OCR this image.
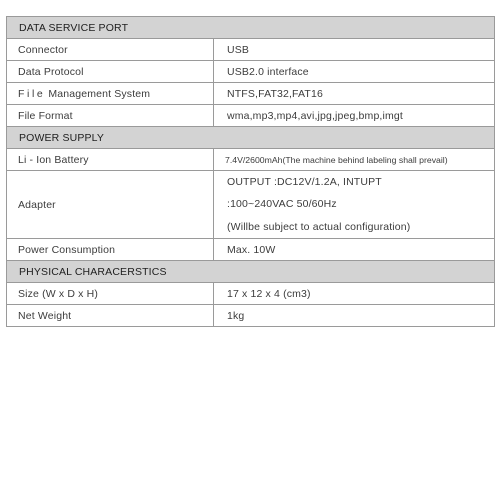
DATA SERVICE PORT	
Connector	USB
Data Protocol	USB2.0 interface
File Management System	NTFS,FAT32,FAT16
File Format	wma,mp3,mp4,avi,jpg,jpeg,bmp,imgt
POWER SUPPLY	
Li - Ion Battery	7.4V/2600mAh(The machine behind labeling shall prevail)
Adapter	OUTPUT :DC12V/1.2A, INTUPT
:100~240VAC 50/60Hz
(Willbe subject to actual configuration)

Power Consumption	Max. 10W
PHYSICAL CHARACERSTICS	
Size (W x D x H)	17 x 12 x 4 (cm3)
Net Weight	1kg
